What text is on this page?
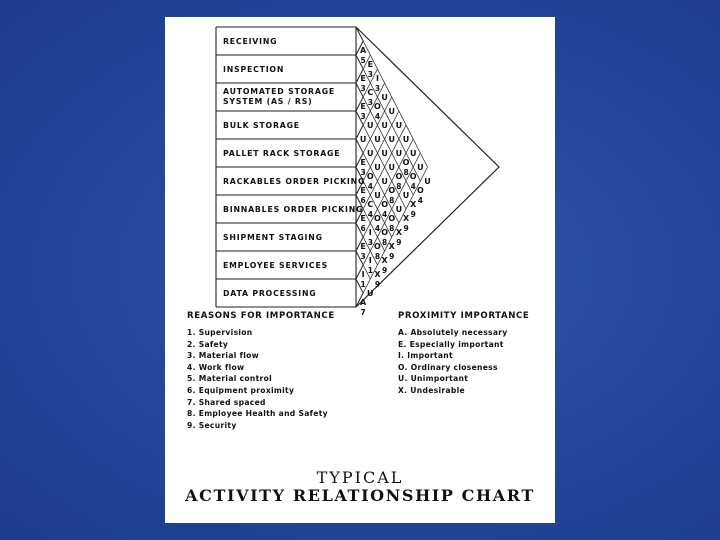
RECEIVING
INSPECTION
AUTOMATED STORAGE
SYSTEM (AS / RS)
BULK STORAGE
PALLET RACK STORAGE
RACKABLES ORDER PICKING
BINNABLES ORDER PICKING
SHIPMENT STAGING
EMPLOYEE SERVICES
DATA PROCESSING
A
5
E
3
E
3
U
E
3
E
6
E
6
E
3
I
1
A
7
E
3
C
3
U
U
O
4
C
4
I
3
I
1
U
I
3
O
4
U
U
U
O
4
O
8
X
9
U
U
U
U
O
4
O
8
X
9
U
U
U
O
8
O
8
X
9
U
U
O
8
U
X
9
U
O
8
U
X
9
U
O
4
X
9
U
O
4
U
REASONS FOR IMPORTANCE
1. Supervision
2. Safety
3. Material flow
4. Work flow
5. Material control
6. Equipment proximity
7. Shared spaced
8. Employee Health and Safety
9. Security
PROXIMITY IMPORTANCE
A. Absolutely necessary
E. Especially important
I. Important
O. Ordinary closeness
U. Unimportant
X. Undesirable
TYPICAL
ACTIVITY RELATIONSHIP CHART
